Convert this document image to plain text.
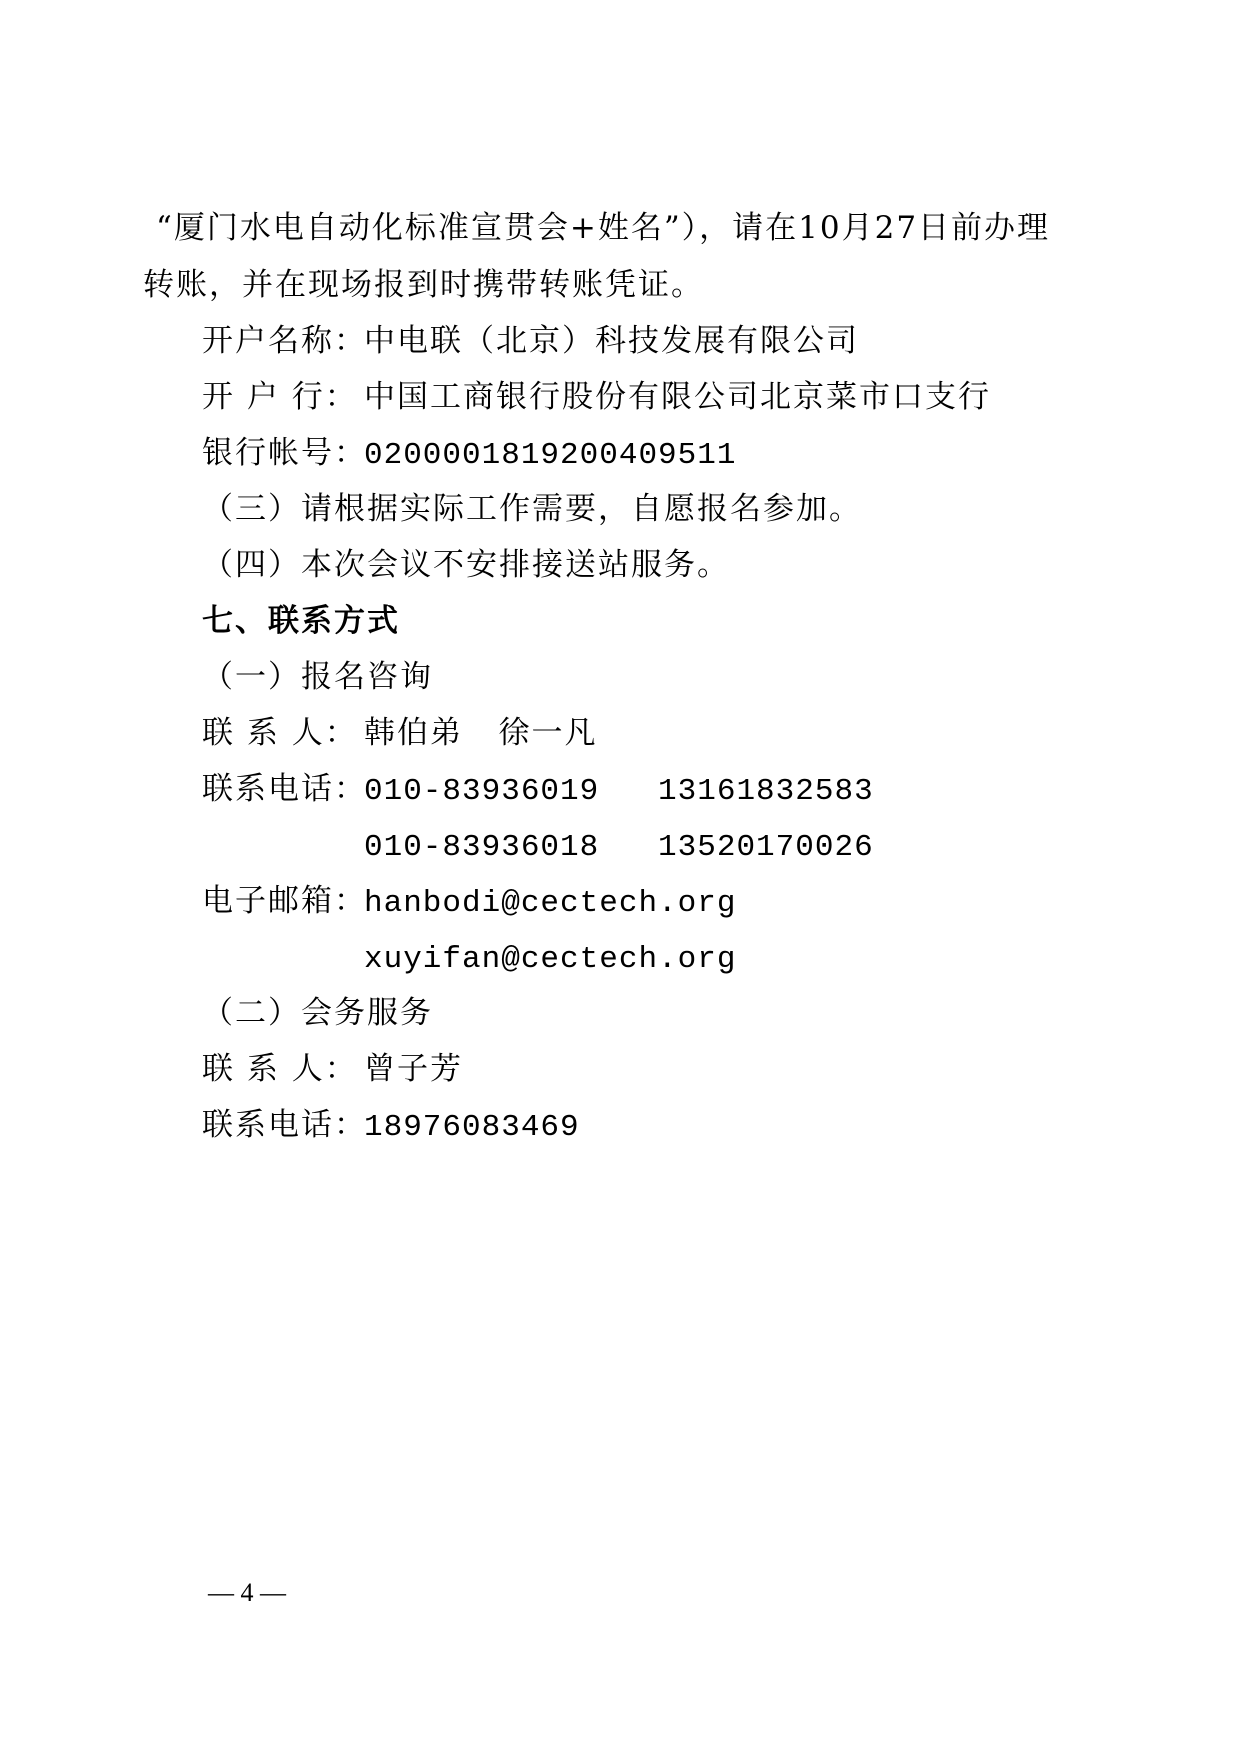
“厦门水电自动化标准宣贯会+姓名”），请在10月27日前办理
转账，并在现场报到时携带转账凭证。
开户名称：中电联（北京）科技发展有限公司
开 户 行： 中国工商银行股份有限公司北京菜市口支行
银行帐号：0200001819200409511
（三）请根据实际工作需要，自愿报名参加。
（四）本次会议不安排接送站服务。
七、联系方式
（一）报名咨询
联 系 人： 韩伯弟   徐一凡
联系电话：010-83936019   13161832583
010-83936018   13520170026
电子邮箱：hanbodi@cectech.org
xuyifan@cectech.org
（二）会务服务
联 系 人： 曾子芳
联系电话：18976083469
— 4 —
